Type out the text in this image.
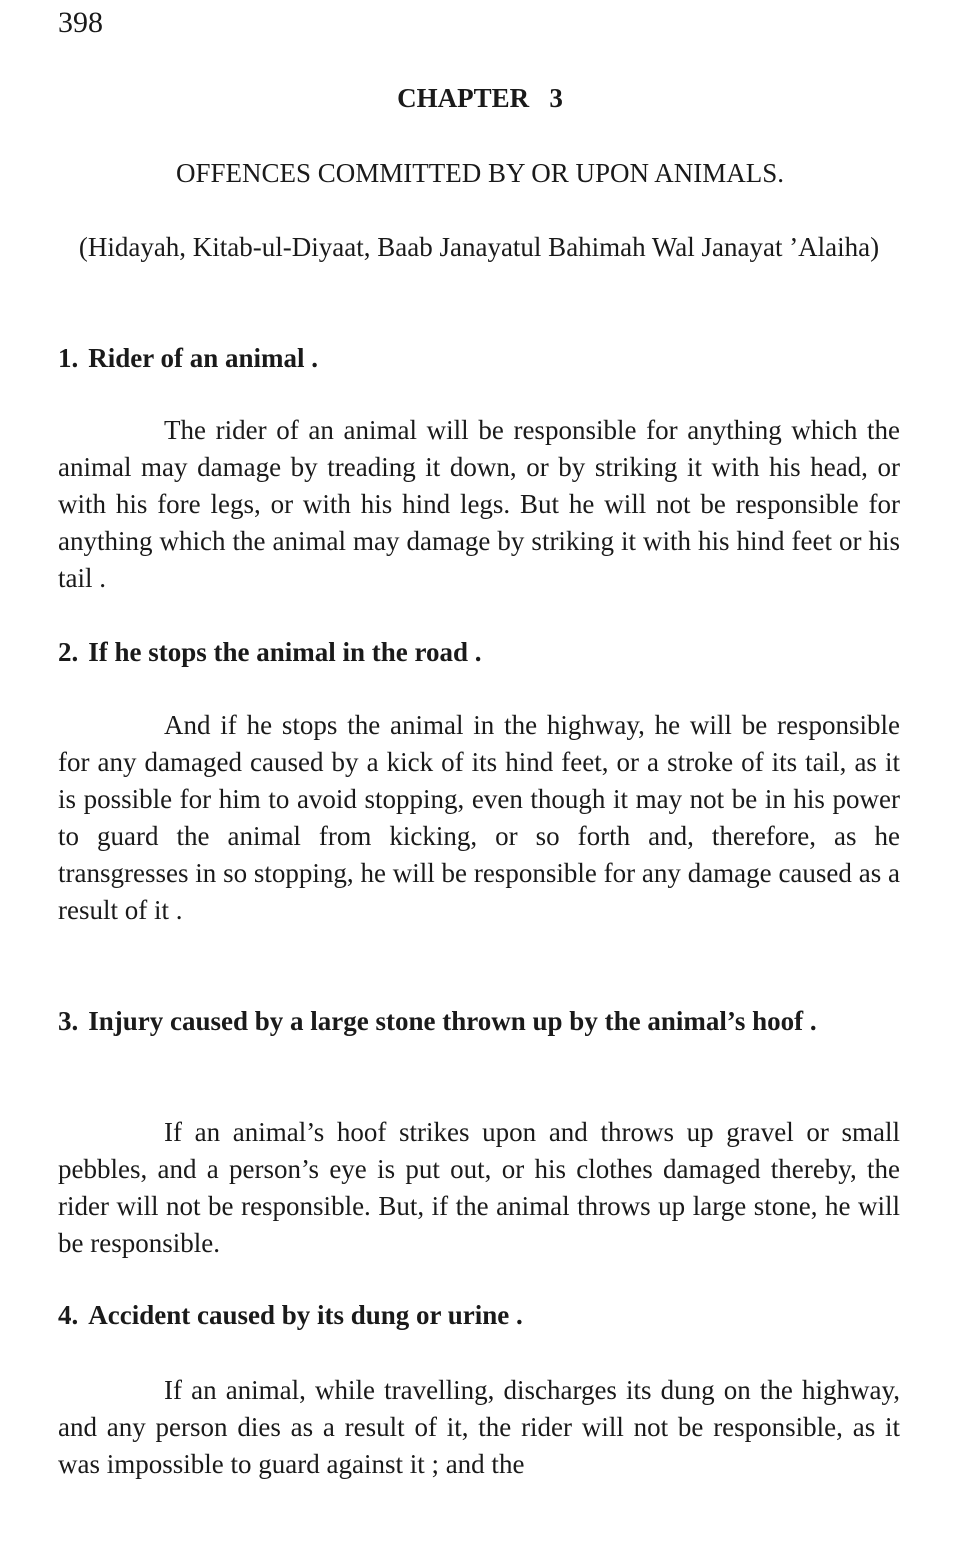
398
CHAPTER   3
OFFENCES COMMITTED BY OR UPON ANIMALS.
(Hidayah, Kitab-ul-Diyaat, Baab Janayatul Bahimah Wal Janayat ’Alaiha)
1. Rider of an animal .
The rider of an animal will be responsible for anything which the animal may damage by treading it down, or by striking it with his head, or with his fore legs, or with his hind legs. But he will not be responsible for anything which the animal may damage by striking it with his hind feet or his tail .
2. If he stops the animal in the road .
And if he stops the animal in the highway, he will be responsible for any damaged caused by a kick of its hind feet, or a stroke of its tail, as it is possible for him to avoid stopping, even though it may not be in his power to guard the animal from kicking, or so forth and, therefore, as he transgresses in so stopping, he will be responsible for any damage caused as a result of it .
3. Injury caused by a large stone thrown up by the animal’s hoof .
If an animal’s hoof strikes upon and throws up gravel or small pebbles, and a person’s eye is put out, or his clothes damaged thereby, the rider will not be responsible. But, if the animal throws up large stone, he will be responsible.
4. Accident caused by its dung or urine .
If an animal, while travelling, discharges its dung on the highway, and any person dies as a result of it, the rider will not be responsible, as it was impossible to guard against it ; and the
